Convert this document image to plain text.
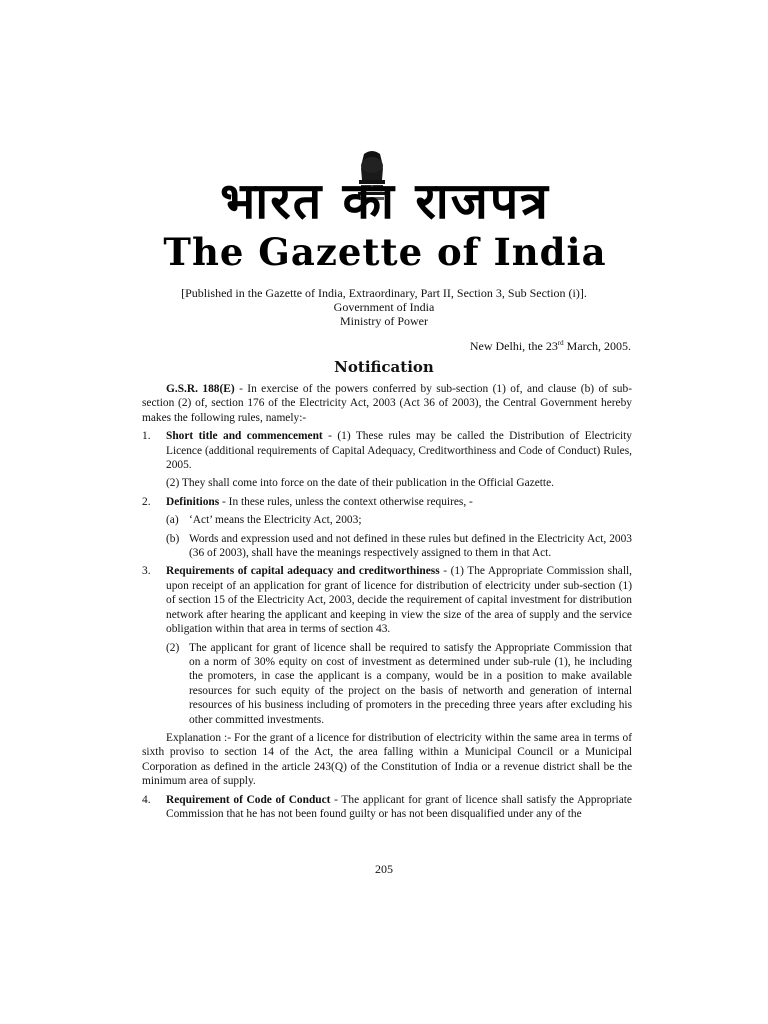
भारत का राजपत्र
The Gazette of India
[Published in the Gazette of India, Extraordinary, Part II, Section 3, Sub Section (i)].
Government of India
Ministry of Power
New Delhi, the 23rd March, 2005.
Notification

G.S.R. 188(E) - In exercise of the powers conferred by sub-section (1) of, and clause (b) of sub-section (2) of, section 176 of the Electricity Act, 2003 (Act 36 of 2003), the Central Government hereby makes the following rules, namely:-

1. Short title and commencement - (1) These rules may be called the Distribution of Electricity Licence (additional requirements of Capital Adequacy, Creditworthiness and Code of Conduct) Rules, 2005.

(2) They shall come into force on the date of their publication in the Official Gazette.

2. Definitions - In these rules, unless the context otherwise requires, -

(a) ‘Act’ means the Electricity Act, 2003;

(b) Words and expression used and not defined in these rules but defined in the Electricity Act, 2003 (36 of 2003), shall have the meanings respectively assigned to them in that Act.

3. Requirements of capital adequacy and creditworthiness - (1) The Appropriate Commission shall, upon receipt of an application for grant of licence for distribution of electricity under sub-section (1) of section 15 of the Electricity Act, 2003, decide the requirement of capital investment for distribution network after hearing the applicant and keeping in view the size of the area of supply and the service obligation within that area in terms of section 43.

(2) The applicant for grant of licence shall be required to satisfy the Appropriate Commission that on a norm of 30% equity on cost of investment as determined under sub-rule (1), he including the promoters, in case the applicant is a company, would be in a position to make available resources for such equity of the project on the basis of networth and generation of internal resources of his business including of promoters in the preceding three years after excluding his other committed investments.

Explanation :- For the grant of a licence for distribution of electricity within the same area in terms of sixth proviso to section 14 of the Act, the area falling within a Municipal Council or a Municipal Corporation as defined in the article 243(Q) of the Constitution of India or a revenue district shall be the minimum area of supply.

4. Requirement of Code of Conduct - The applicant for grant of licence shall satisfy the Appropriate Commission that he has not been found guilty or has not been disqualified under any of the

205
